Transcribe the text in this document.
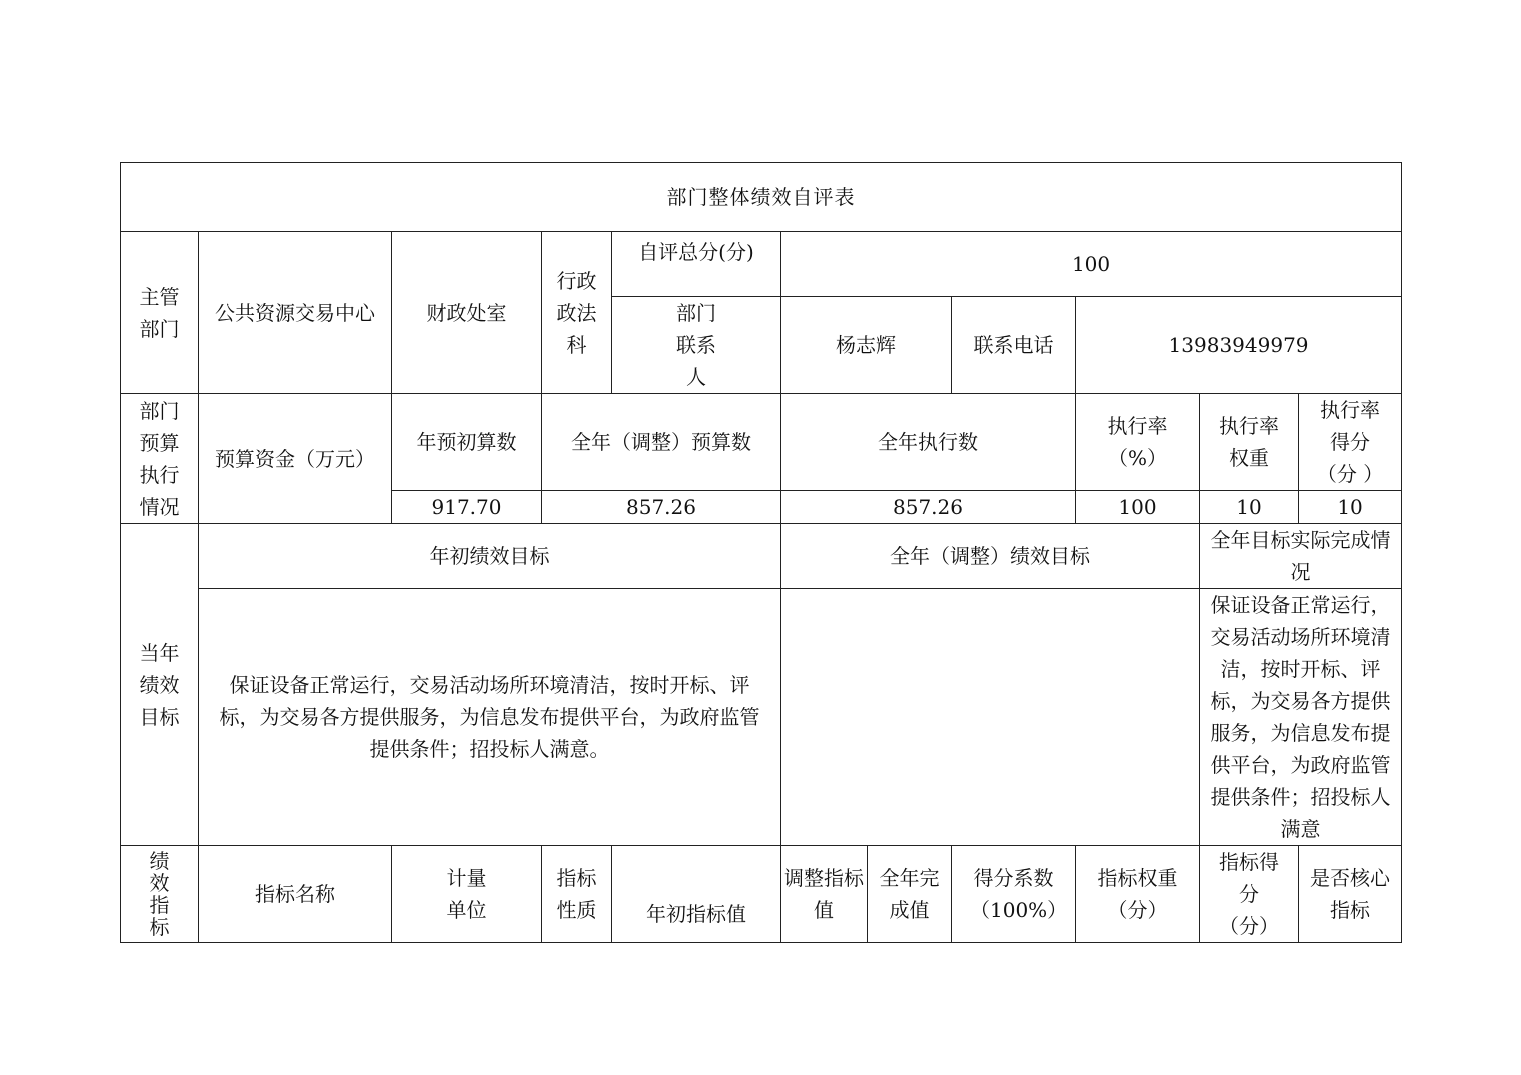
部门整体绩效自评表										
主管部门	公共资源交易中心	财政处室	行政政法科	自评总分(分)	100					
				部门联系人	杨志辉		联系电话	13983949979		
部门预算执行情况	预算资金（万元）	年预初算数	全年（调整）预算数		全年执行数			执行率（%）	执行率权重	执行率得分（分 ）
		917.70	857.26		857.26			100	10	10
当年绩效目标	年初绩效目标				全年（调整）绩效目标				全年目标实际完成情况	
	保证设备正常运行，交易活动场所环境清洁，按时开标、评标，为交易各方提供服务，为信息发布提供平台，为政府监管提供条件；招投标人满意。								保证设备正常运行，交易活动场所环境清洁，按时开标、评标，为交易各方提供服务，为信息发布提供平台，为政府监管提供条件；招投标人满意	
绩效指标	指标名称	计量单位	指标性质	年初指标值	调整指标值	全年完成值	得分系数（100%）	指标权重（分）	指标得分（分）	是否核心指标
